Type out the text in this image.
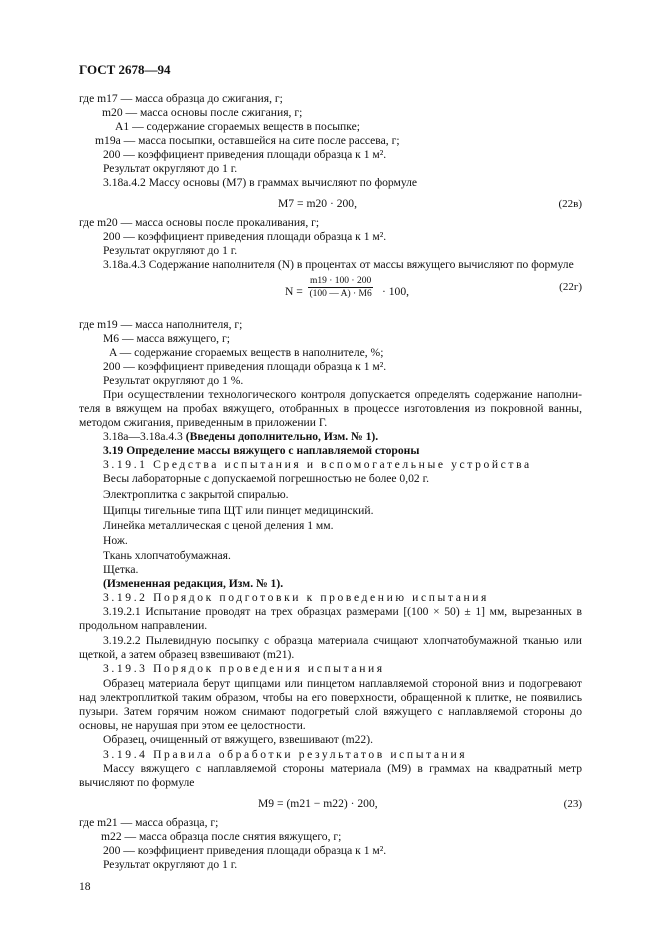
ГОСТ 2678—94
где m17 — масса образца до сжигания, г;
m20 — масса основы после сжигания, г;
A1 — содержание сгораемых веществ в посыпке;
m19a — масса посыпки, оставшейся на сите после рассева, г;
200 — коэффициент приведения площади образца к 1 м².
Результат округляют до 1 г.
3.18а.4.2 Массу основы (M7) в граммах вычисляют по формуле
M7 = m20 · 200,	(22в)
где m20 — масса основы после прокаливания, г;
200 — коэффициент приведения площади образца к 1 м².
Результат округляют до 1 г.
3.18а.4.3 Содержание наполнителя (N) в процентах от массы вяжущего вычисляют по формуле
$N = \frac{m19 \cdot 100 \cdot 200}{(100 — A) \cdot M6} \cdot 100$,	(22г)
где m19 — масса наполнителя, г;
M6 — масса вяжущего, г;
A — содержание сгораемых веществ в наполнителе, %;
200 — коэффициент приведения площади образца к 1 м².
Результат округляют до 1 %.
При осуществлении технологического контроля допускается определять содержание наполни-
теля в вяжущем на пробах вяжущего, отобранных в процессе изготовления из покровной ванны,
методом сжигания, приведенным в приложении Г.
3.18а—3.18а.4.3 (Введены дополнительно, Изм. № 1).
3.19 Определение массы вяжущего с наплавляемой стороны
3.19.1 Средства испытания и вспомогательные устройства
Весы лабораторные с допускаемой погрешностью не более 0,02 г.
Электроплитка с закрытой спиралью.
Щипцы тигельные типа ЩТ или пинцет медицинский.
Линейка металлическая с ценой деления 1 мм.
Нож.
Ткань хлопчатобумажная.
Щетка.
(Измененная редакция, Изм. № 1).
3.19.2 Порядок подготовки к проведению испытания
3.19.2.1 Испытание проводят на трех образцах размерами [(100 × 50) ± 1] мм, вырезанных в
продольном направлении.
3.19.2.2 Пылевидную посыпку с образца материала счищают хлопчатобумажной тканью или
щеткой, а затем образец взвешивают (m21).
3.19.3 Порядок проведения испытания
Образец материала берут щипцами или пинцетом наплавляемой стороной вниз и подогревают
над электроплиткой таким образом, чтобы на его поверхности, обращенной к плитке, не появились
пузыри. Затем горячим ножом снимают подогретый слой вяжущего с наплавляемой стороны до
основы, не нарушая при этом ее целостности.
Образец, очищенный от вяжущего, взвешивают (m22).
3.19.4 Правила обработки результатов испытания
Массу вяжущего с наплавляемой стороны материала (M9) в граммах на квадратный метр
вычисляют по формуле
M9 = (m21 − m22) · 200,	(23)
где m21 — масса образца, г;
m22 — масса образца после снятия вяжущего, г;
200 — коэффициент приведения площади образца к 1 м².
Результат округляют до 1 г.
18
